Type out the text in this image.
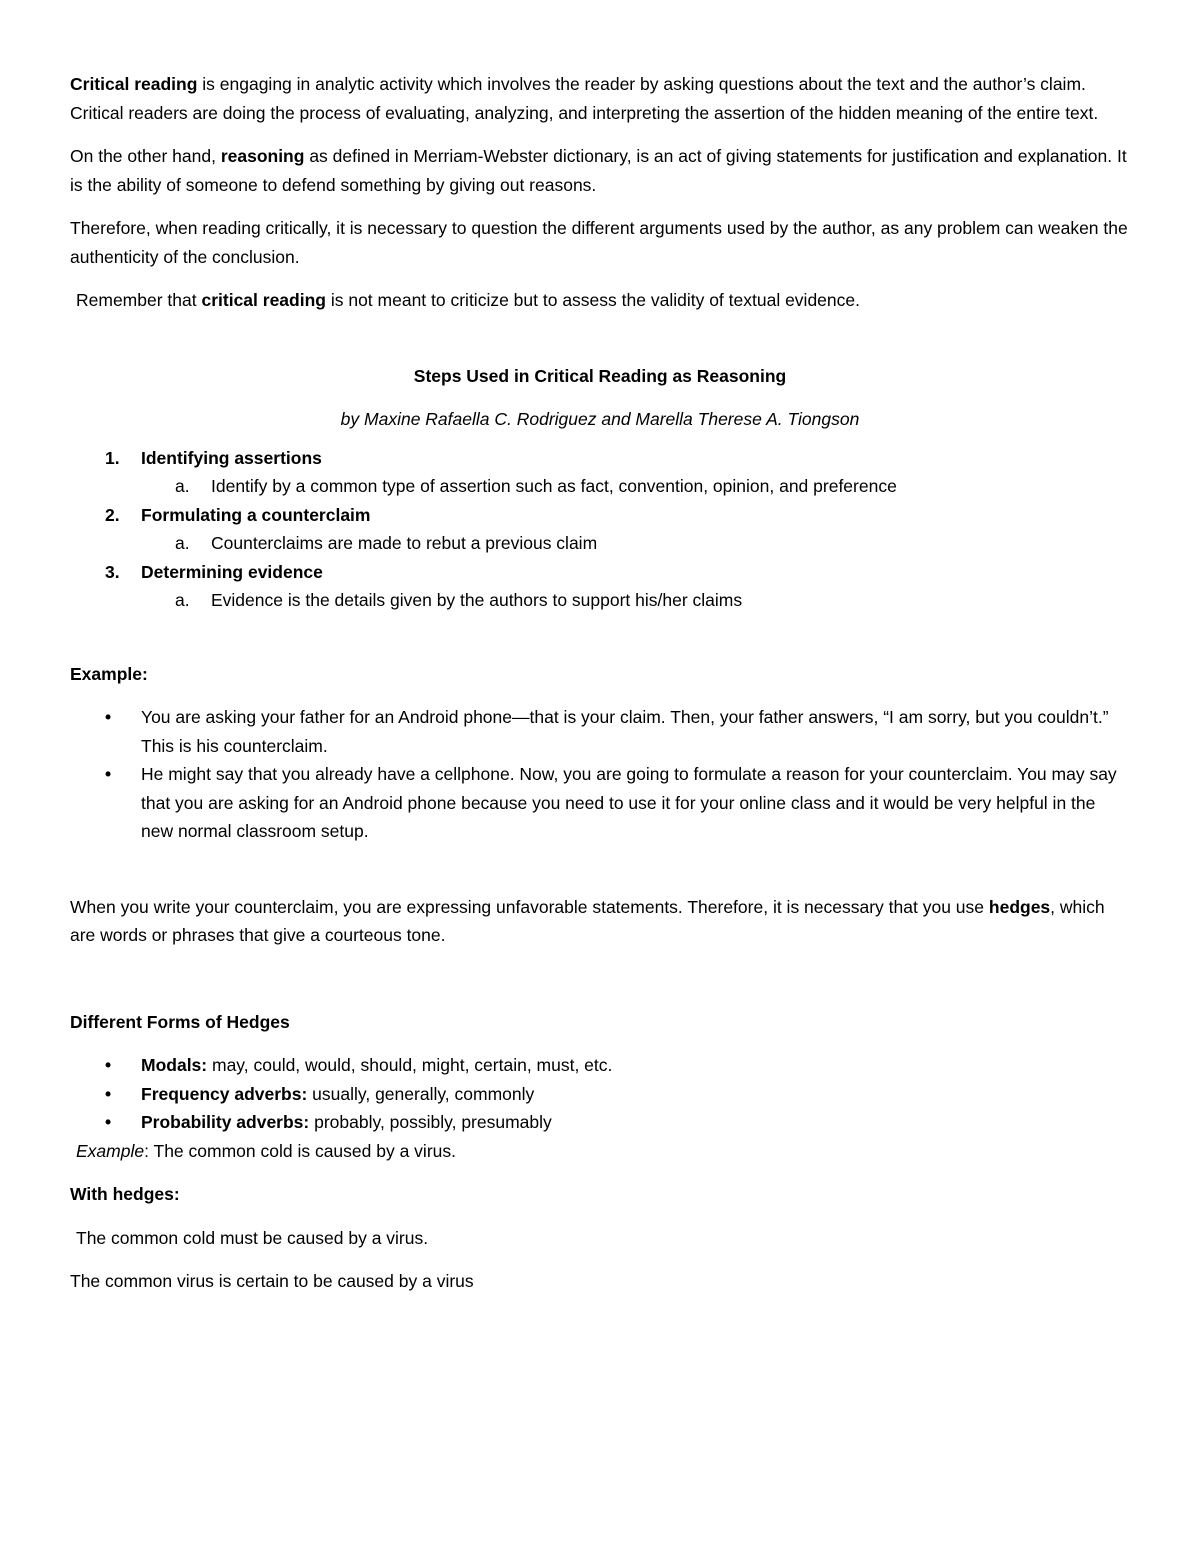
Critical reading is engaging in analytic activity which involves the reader by asking questions about the text and the author’s claim. Critical readers are doing the process of evaluating, analyzing, and interpreting the assertion of the hidden meaning of the entire text.

On the other hand, reasoning as defined in Merriam-Webster dictionary, is an act of giving statements for justification and explanation. It is the ability of someone to defend something by giving out reasons.

Therefore, when reading critically, it is necessary to question the different arguments used by the author, as any problem can weaken the authenticity of the conclusion.

Remember that critical reading is not meant to criticize but to assess the validity of textual evidence.

Steps Used in Critical Reading as Reasoning

by Maxine Rafaella C. Rodriguez and Marella Therese A. Tiongson

1. Identifying assertions
a. Identify by a common type of assertion such as fact, convention, opinion, and preference
2. Formulating a counterclaim
a. Counterclaims are made to rebut a previous claim
3. Determining evidence
a. Evidence is the details given by the authors to support his/her claims

Example:

• You are asking your father for an Android phone—that is your claim. Then, your father answers, “I am sorry, but you couldn’t.” This is his counterclaim.
• He might say that you already have a cellphone. Now, you are going to formulate a reason for your counterclaim. You may say that you are asking for an Android phone because you need to use it for your online class and it would be very helpful in the new normal classroom setup.

When you write your counterclaim, you are expressing unfavorable statements. Therefore, it is necessary that you use hedges, which are words or phrases that give a courteous tone.

Different Forms of Hedges

• Modals: may, could, would, should, might, certain, must, etc.
• Frequency adverbs: usually, generally, commonly
• Probability adverbs: probably, possibly, presumably

Example: The common cold is caused by a virus.

With hedges:

The common cold must be caused by a virus.

The common virus is certain to be caused by a virus
